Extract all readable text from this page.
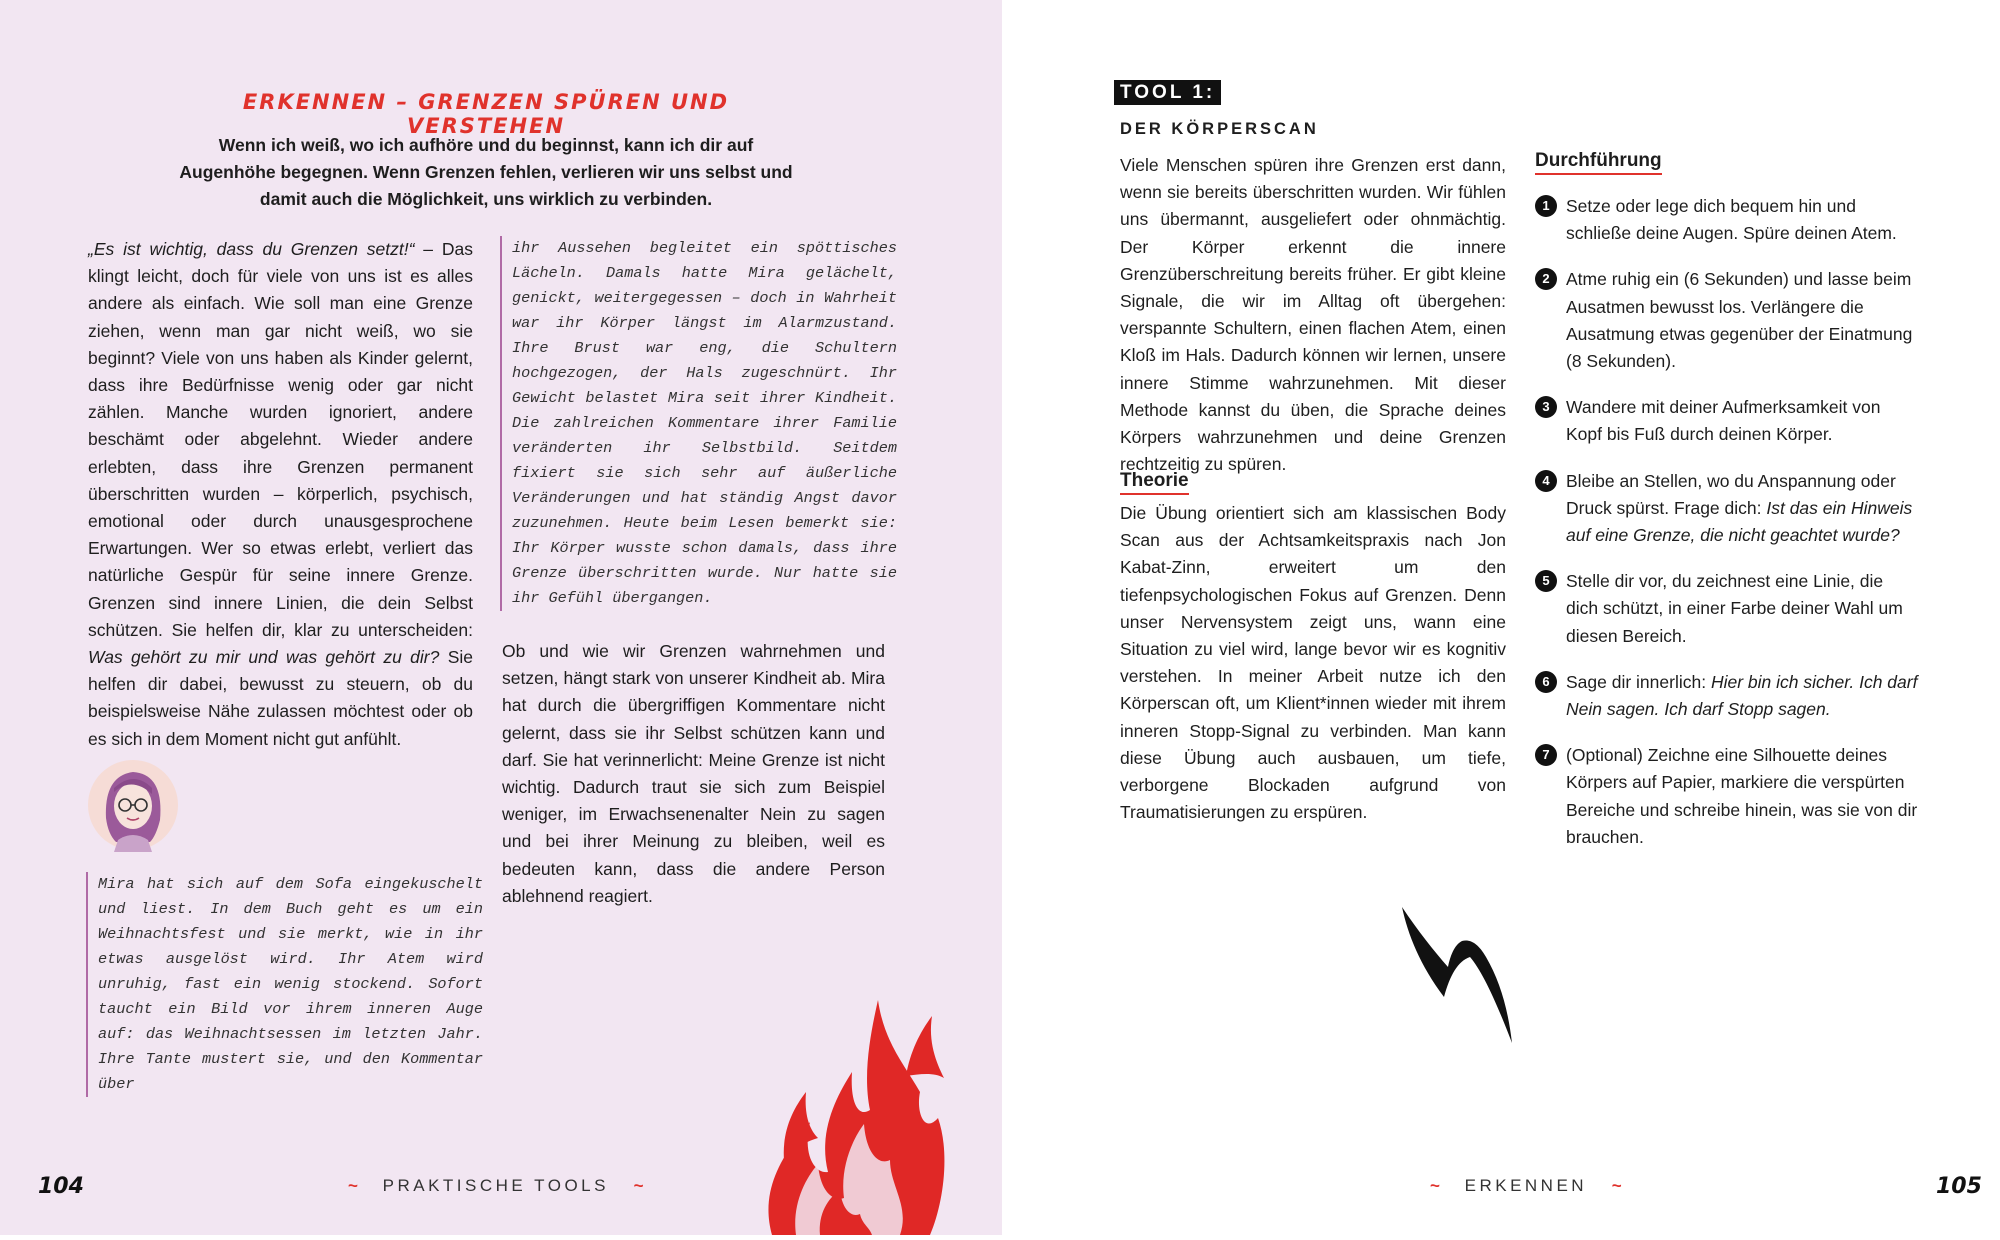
ERKENNEN – GRENZEN SPÜREN UND VERSTEHEN
Wenn ich weiß, wo ich aufhöre und du beginnst, kann ich dir auf Augenhöhe begegnen. Wenn Grenzen fehlen, verlieren wir uns selbst und damit auch die Möglichkeit, uns wirklich zu verbinden.
„Es ist wichtig, dass du Grenzen setzt!“ – Das klingt leicht, doch für viele von uns ist es alles andere als einfach. Wie soll man eine Grenze ziehen, wenn man gar nicht weiß, wo sie beginnt? Viele von uns haben als Kinder gelernt, dass ihre Bedürfnisse wenig oder gar nicht zählen. Manche wurden ignoriert, andere beschämt oder abgelehnt. Wieder andere erlebten, dass ihre Grenzen permanent überschritten wurden – körperlich, psychisch, emotional oder durch unausgesprochene Erwartungen. Wer so etwas erlebt, verliert das natürliche Gespür für seine innere Grenze. Grenzen sind innere Linien, die dein Selbst schützen. Sie helfen dir, klar zu unterscheiden: Was gehört zu mir und was gehört zu dir? Sie helfen dir dabei, bewusst zu steuern, ob du beispielsweise Nähe zulassen möchtest oder ob es sich in dem Moment nicht gut anfühlt.
Mira hat sich auf dem Sofa eingekuschelt und liest. In dem Buch geht es um ein Weihnachtsfest und sie merkt, wie in ihr etwas ausgelöst wird. Ihr Atem wird unruhig, fast ein wenig stockend. Sofort taucht ein Bild vor ihrem inneren Auge auf: das Weihnachtsessen im letzten Jahr. Ihre Tante mustert sie, und den Kommentar über
ihr Aussehen begleitet ein spöttisches Lächeln. Damals hatte Mira gelächelt, genickt, weitergegessen – doch in Wahrheit war ihr Körper längst im Alarmzustand. Ihre Brust war eng, die Schultern hochgezogen, der Hals zugeschnürt. Ihr Gewicht belastet Mira seit ihrer Kindheit. Die zahlreichen Kommentare ihrer Familie veränderten ihr Selbstbild. Seitdem fixiert sie sich sehr auf äußerliche Veränderungen und hat ständig Angst davor zuzunehmen. Heute beim Lesen bemerkt sie: Ihr Körper wusste schon damals, dass ihre Grenze überschritten wurde. Nur hatte sie ihr Gefühl übergangen.
Ob und wie wir Grenzen wahrnehmen und setzen, hängt stark von unserer Kindheit ab. Mira hat durch die übergriffigen Kommentare nicht gelernt, dass sie ihr Selbst schützen kann und darf. Sie hat verinnerlicht: Meine Grenze ist nicht wichtig. Dadurch traut sie sich zum Beispiel weniger, im Erwachsenenalter Nein zu sagen und bei ihrer Meinung zu bleiben, weil es bedeuten kann, dass die andere Person ablehnend reagiert.
104	~ PRAKTISCHE TOOLS ~
TOOL 1:
DER KÖRPERSCAN
Viele Menschen spüren ihre Grenzen erst dann, wenn sie bereits überschritten wurden. Wir fühlen uns übermannt, ausgeliefert oder ohnmächtig. Der Körper erkennt die innere Grenzüberschreitung bereits früher. Er gibt kleine Signale, die wir im Alltag oft übergehen: verspannte Schultern, einen flachen Atem, einen Kloß im Hals. Dadurch können wir lernen, unsere innere Stimme wahrzunehmen. Mit dieser Methode kannst du üben, die Sprache deines Körpers wahrzunehmen und deine Grenzen rechtzeitig zu spüren.
Theorie
Die Übung orientiert sich am klassischen Body Scan aus der Achtsamkeitspraxis nach Jon Kabat-Zinn, erweitert um den tiefenpsychologischen Fokus auf Grenzen. Denn unser Nervensystem zeigt uns, wann eine Situation zu viel wird, lange bevor wir es kognitiv verstehen. In meiner Arbeit nutze ich den Körperscan oft, um Klient*innen wieder mit ihrem inneren Stopp-Signal zu verbinden. Man kann diese Übung auch ausbauen, um tiefe, verborgene Blockaden aufgrund von Traumatisierungen zu erspüren.
Durchführung
1 Setze oder lege dich bequem hin und schließe deine Augen. Spüre deinen Atem.
2 Atme ruhig ein (6 Sekunden) und lasse beim Ausatmen bewusst los. Verlängere die Ausatmung etwas gegenüber der Einatmung (8 Sekunden).
3 Wandere mit deiner Aufmerksamkeit von Kopf bis Fuß durch deinen Körper.
4 Bleibe an Stellen, wo du Anspannung oder Druck spürst. Frage dich: Ist das ein Hinweis auf eine Grenze, die nicht geachtet wurde?
5 Stelle dir vor, du zeichnest eine Linie, die dich schützt, in einer Farbe deiner Wahl um diesen Bereich.
6 Sage dir innerlich: Hier bin ich sicher. Ich darf Nein sagen. Ich darf Stopp sagen.
7 (Optional) Zeichne eine Silhouette deines Körpers auf Papier, markiere die verspürten Bereiche und schreibe hinein, was sie von dir brauchen.
~ ERKENNEN ~	105
